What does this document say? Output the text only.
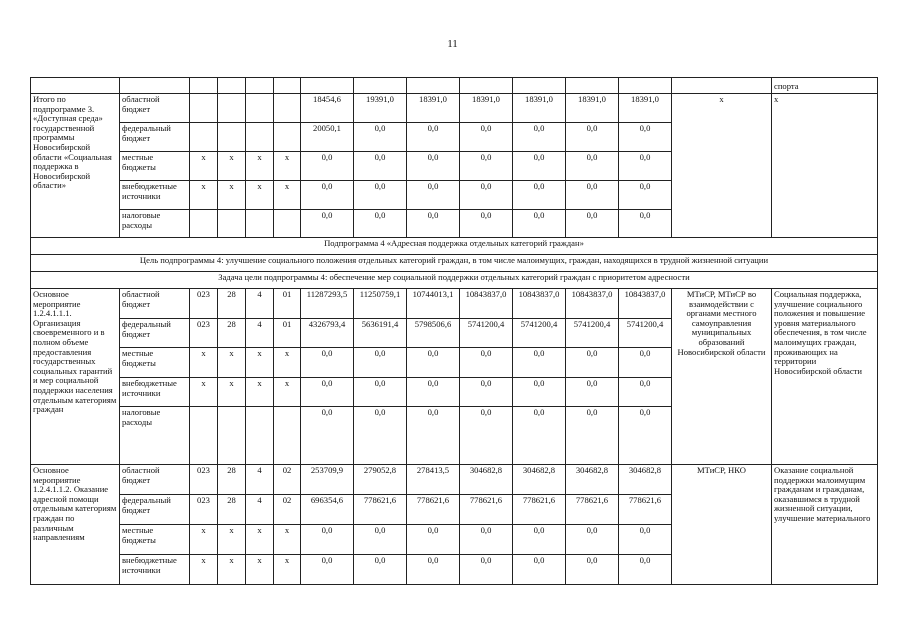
11
														спорта
Итого по подпрограмме 3. «Доступная среда» государственной программы Новосибирской области «Социальная поддержка в Новосибирской области»	областной бюджет					18454,6	19391,0	18391,0	18391,0	18391,0	18391,0	18391,0	x	x
	федеральный бюджет					20050,1	0,0	0,0	0,0	0,0	0,0	0,0		
	местные бюджеты	x	x	x	x	0,0	0,0	0,0	0,0	0,0	0,0	0,0		
	внебюджетные источники	x	x	x	x	0,0	0,0	0,0	0,0	0,0	0,0	0,0		
	налоговые расходы					0,0	0,0	0,0	0,0	0,0	0,0	0,0		
Подпрограмма 4 «Адресная поддержка отдельных категорий граждан»														
Цель подпрограммы 4: улучшение социального положения отдельных категорий граждан, в том числе малоимущих, граждан, находящихся в трудной жизненной ситуации														
Задача цели подпрограммы 4: обеспечение мер социальной поддержки отдельных категорий граждан с приоритетом адресности														
Основное мероприятие 1.2.4.1.1.1. Организация своевременного и в полном объеме предоставления государственных социальных гарантий и мер социальной поддержки населения отдельным категориям граждан	областной бюджет	023	28	4	01	11287293,5	11250759,1	10744013,1	10843837,0	10843837,0	10843837,0	10843837,0	МТиСР, МТиСР во взаимодействии с органами местного самоуправления муниципальных образований Новосибирской области	Социальная поддержка, улучшение социального положения и повышение уровня материального обеспечения, в том числе малоимущих граждан, проживающих на территории Новосибирской области
	федеральный бюджет	023	28	4	01	4326793,4	5636191,4	5798506,6	5741200,4	5741200,4	5741200,4	5741200,4		
	местные бюджеты	x	x	x	x	0,0	0,0	0,0	0,0	0,0	0,0	0,0		
	внебюджетные источники	x	x	x	x	0,0	0,0	0,0	0,0	0,0	0,0	0,0		
	налоговые расходы					0,0	0,0	0,0	0,0	0,0	0,0	0,0		
Основное мероприятие 1.2.4.1.1.2. Оказание адресной помощи отдельным категориям граждан по различным направлениям	областной бюджет	023	28	4	02	253709,9	279052,8	278413,5	304682,8	304682,8	304682,8	304682,8	МТиСР, НКО	Оказание социальной поддержки малоимущим гражданам и гражданам, оказавшимся в трудной жизненной ситуации, улучшение материального
	федеральный бюджет	023	28	4	02	696354,6	778621,6	778621,6	778621,6	778621,6	778621,6	778621,6		
	местные бюджеты	x	x	x	x	0,0	0,0	0,0	0,0	0,0	0,0	0,0		
	внебюджетные источники	x	x	x	x	0,0	0,0	0,0	0,0	0,0	0,0	0,0		
